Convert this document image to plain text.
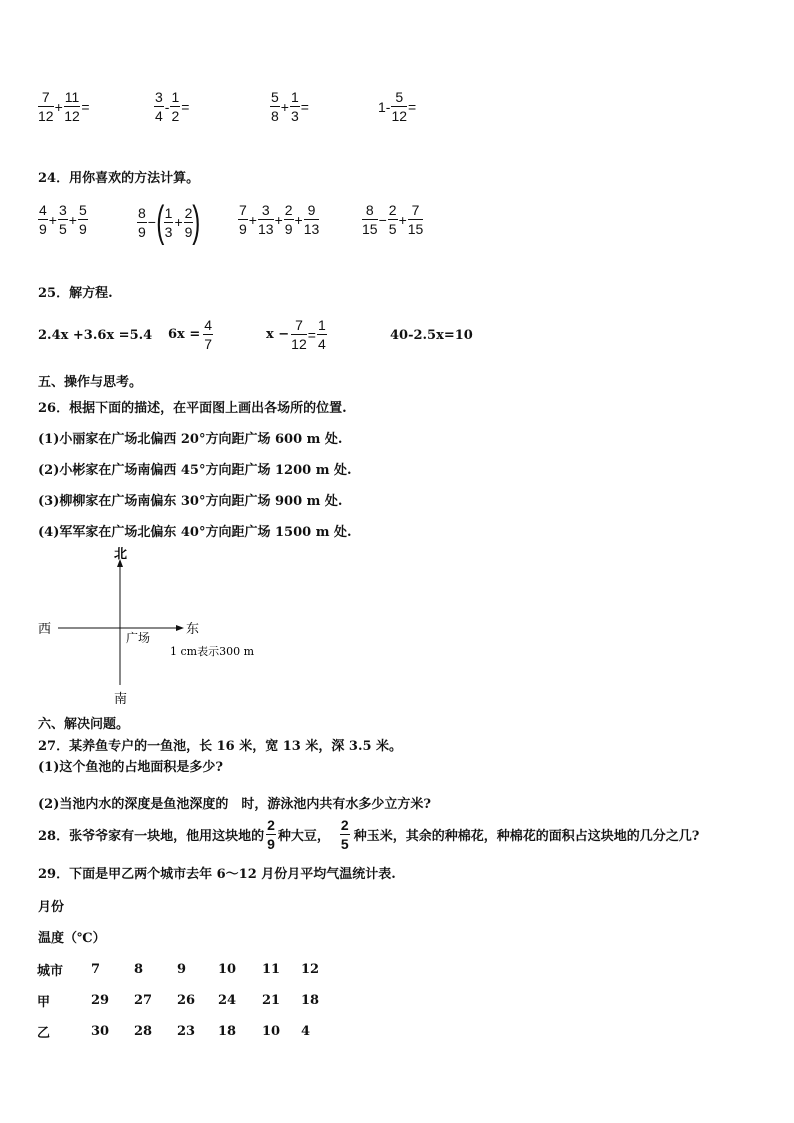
$\frac{7}{12} + \frac{11}{12}$ =	$\frac{3}{4} - \frac{1}{2}$ =	$\frac{5}{8} + \frac{1}{3}$ =	$1- \frac{5}{12}$ =
24．用你喜欢的方法计算。
$\frac{4}{9} + \frac{3}{5} + \frac{5}{9}$	$\frac{8}{9}$ − ( $\frac{1}{3} + \frac{2}{9}$ )	$\frac{7}{9} + \frac{3}{13} + \frac{2}{9} + \frac{9}{13}$	$\frac{8}{15} - \frac{2}{5} + \frac{7}{15}$
25．解方程.
2.4x +3.6x =5.4 $6x = \frac{4}{7}$	$x - \frac{7}{12} = \frac{1}{4}$	40-2.5x=10
五、操作与思考。
26．根据下面的描述，在平面图上画出各场所的位置.
(1)小丽家在广场北偏西 20°方向距广场 600 m 处.
(2)小彬家在广场南偏西 45°方向距广场 1200 m 处.
(3)柳柳家在广场南偏东 30°方向距广场 900 m 处.
(4)军军家在广场北偏东 40°方向距广场 1500 m 处.
北
南
西	东
广场
1 cm表示300 m
六、解决问题。
27．某养鱼专户的一鱼池，长 16 米，宽 13 米，深 3.5 米。
(1)这个鱼池的占地面积是多少?
(2)当池内水的深度是鱼池深度的　时，游泳池内共有水多少立方米?
28．张爷爷家有一块地，他用这块地的 $\frac{2}{9}$ 种大豆， $\frac{2}{5}$ 种玉米，其余的种棉花，种棉花的面积占这块地的几分之几?
29．下面是甲乙两个城市去年 6～12 月份月平均气温统计表.
月份
温度（℃）
城市	7	8	9	10	11	12
甲	29	27	26	24	21	18
乙	30	28	23	18	10	4
